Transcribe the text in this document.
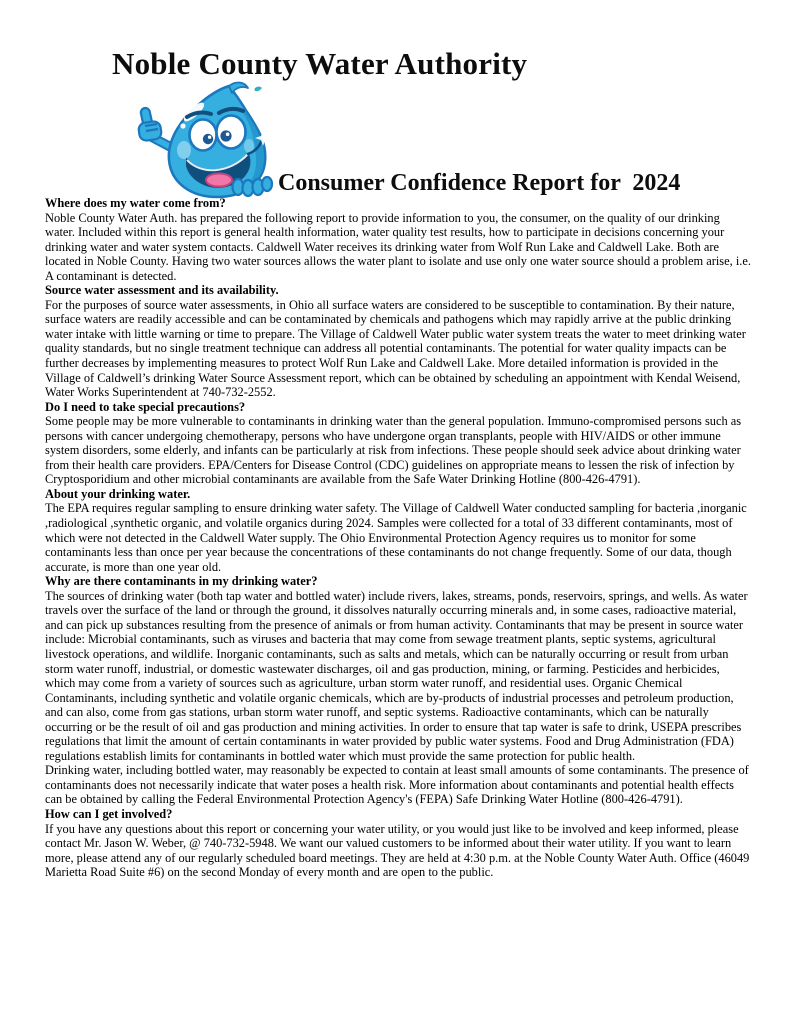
Noble County Water Authority
Consumer Confidence Report for  2024
Where does my water come from?

Noble County Water Auth. has prepared the following report to provide information to you, the consumer, on the quality of our drinking water. Included within this report is general health information, water quality test results, how to participate in decisions concerning your drinking water and water system contacts. Caldwell Water receives its drinking water from Wolf Run Lake and Caldwell Lake. Both are located in Noble County. Having two water sources allows the water plant to isolate and use only one water source should a problem arise, i.e. A contaminant is detected.

Source water assessment and its availability.

For the purposes of source water assessments, in Ohio all surface waters are considered to be susceptible to contamination. By their nature, surface waters are readily accessible and can be contaminated by chemicals and pathogens which may rapidly arrive at the public drinking water intake with little warning or time to prepare. The Village of Caldwell Water public water system treats the water to meet drinking water quality standards, but no single treatment technique can address all potential contaminants. The potential for water quality impacts can be further decreases by implementing measures to protect Wolf Run Lake and Caldwell Lake. More detailed information is provided in the Village of Caldwell’s drinking Water Source Assessment report, which can be obtained by scheduling an appointment with Kendal Weisend, Water Works Superintendent at 740-732-2552.

Do I need to take special precautions?

Some people may be more vulnerable to contaminants in drinking water than the general population. Immuno-compromised persons such as persons with cancer undergoing chemotherapy, persons who have undergone organ transplants, people with HIV/AIDS or other immune system disorders, some elderly, and infants can be particularly at risk from infections. These people should seek advice about drinking water from their health care providers. EPA/Centers for Disease Control (CDC) guidelines on appropriate means to lessen the risk of infection by Cryptosporidium and other microbial contaminants are available from the Safe Water Drinking Hotline (800-426-4791).

About your drinking water.

The EPA requires regular sampling to ensure drinking water safety. The Village of Caldwell Water conducted sampling for bacteria ,inorganic ,radiological ,synthetic organic, and volatile organics during 2024. Samples were collected for a total of 33 different contaminants, most of which were not detected in the Caldwell Water supply. The Ohio Environmental Protection Agency requires us to monitor for some contaminants less than once per year because the concentrations of these contaminants do not change frequently. Some of our data, though accurate, is more than one year old.

Why are there contaminants in my drinking water?

The sources of drinking water (both tap water and bottled water) include rivers, lakes, streams, ponds, reservoirs, springs, and wells. As water travels over the surface of the land or through the ground, it dissolves naturally occurring minerals and, in some cases, radioactive material, and can pick up substances resulting from the presence of animals or from human activity. Contaminants that may be present in source water include: Microbial contaminants, such as viruses and bacteria that may come from sewage treatment plants, septic systems, agricultural livestock operations, and wildlife. Inorganic contaminants, such as salts and metals, which can be naturally occurring or result from urban storm water runoff, industrial, or domestic wastewater discharges, oil and gas production, mining, or farming. Pesticides and herbicides, which may come from a variety of sources such as agriculture, urban storm water runoff, and residential uses. Organic Chemical Contaminants, including synthetic and volatile organic chemicals, which are by-products of industrial processes and petroleum production, and can also, come from gas stations, urban storm water runoff, and septic systems. Radioactive contaminants, which can be naturally occurring or be the result of oil and gas production and mining activities. In order to ensure that tap water is safe to drink, USEPA prescribes regulations that limit the amount of certain contaminants in water provided by public water systems. Food and Drug Administration (FDA) regulations establish limits for contaminants in bottled water which must provide the same protection for public health.

Drinking water, including bottled water, may reasonably be expected to contain at least small amounts of some contaminants. The presence of contaminants does not necessarily indicate that water poses a health risk. More information about contaminants and potential health effects can be obtained by calling the Federal Environmental Protection Agency's (FEPA) Safe Drinking Water Hotline (800-426-4791).

How can I get involved?

If you have any questions about this report or concerning your water utility, or you would just like to be involved and keep informed, please contact Mr. Jason W. Weber, @ 740-732-5948. We want our valued customers to be informed about their water utility. If you want to learn more, please attend any of our regularly scheduled board meetings. They are held at 4:30 p.m. at the Noble County Water Auth. Office (46049 Marietta Road Suite #6) on the second Monday of every month and are open to the public.
